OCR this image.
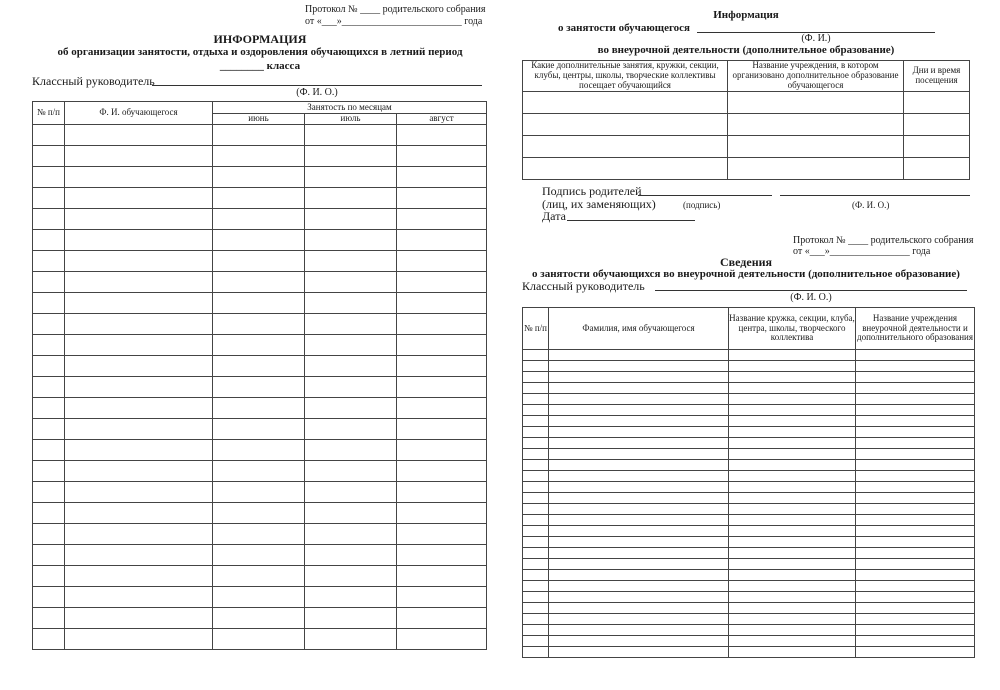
Протокол № ____ родительского собрания
от «___»________________________ года
ИНФОРМАЦИЯ
об организации занятости, отдыха и оздоровления обучающихся в летний период
________ класса
Классный руководитель
(Ф. И. О.)
№ п/п	Ф. И. обучающегося	Занятость по месяцам		
		июнь	июль	август

Информация
о занятости обучающегося
(Ф. И.)
во внеурочной деятельности (дополнительное образование)
Какие дополнительные занятия, кружки, секции, клубы, центры, школы, творческие коллективы посещает обучающийся	Название учреждения, в котором организовано дополнительное образование обучающегося	Дни и время посещения

Подпись родителей
(лиц, их заменяющих)	(подпись)	(Ф. И. О.)
Дата
Протокол № ____ родительского собрания
от «___»________________ года
Сведения
о занятости обучающихся во внеурочной деятельности (дополнительное образование)
Классный руководитель
(Ф. И. О.)
№ п/п	Фамилия, имя обучающегося	Название кружка, секции, клуба, центра, школы, творческого коллектива	Название учреждения внеурочной деятельности и дополнительного образования
